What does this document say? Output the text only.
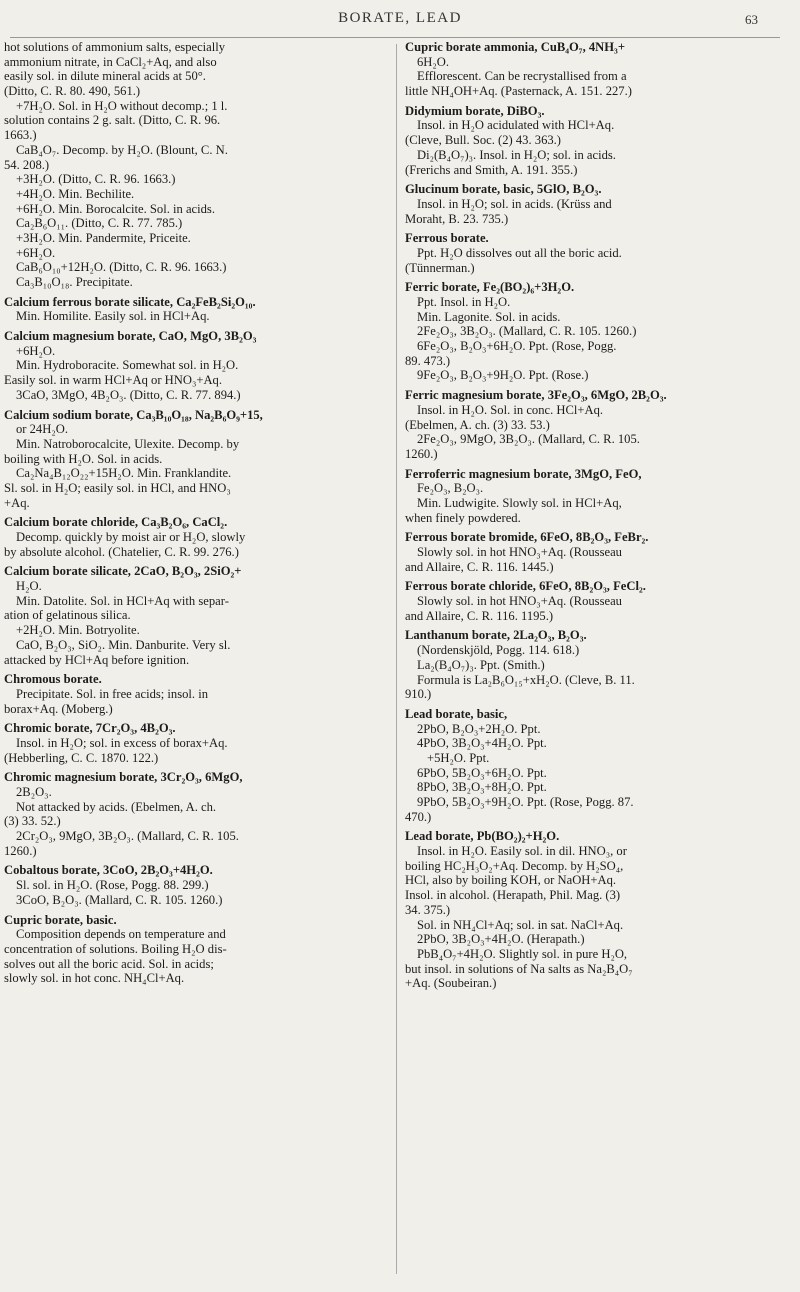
BORATE, LEAD	63
hot solutions of ammonium salts, especially
ammonium nitrate, in CaCl₂+Aq, and also
easily sol. in dilute mineral acids at 50°.
(Ditto, C. R. 80. 490, 561.)
+7H₂O. Sol. in H₂O without decomp.; 1 l.
solution contains 2 g. salt. (Ditto, C. R. 96.
1663.)
CaB₄O₇. Decomp. by H₂O. (Blount, C. N.
54. 208.)
+3H₂O. (Ditto, C. R. 96. 1663.)
+4H₂O. Min. Bechilite.
+6H₂O. Min. Borocalcite. Sol. in acids.
Ca₂B₆O₁₁. (Ditto, C. R. 77. 785.)
+3H₂O. Min. Pandermite, Priceite.
+6H₂O.
CaB₆O₁₀+12H₂O. (Ditto, C. R. 96. 1663.)
Ca₃B₁₀O₁₈. Precipitate.
Calcium ferrous borate silicate, Ca₂FeB₂Si₂O₁₀.
Min. Homilite. Easily sol. in HCl+Aq.
Calcium magnesium borate, CaO, MgO, 3B₂O₃
+6H₂O.
Min. Hydroboracite. Somewhat sol. in H₂O.
Easily sol. in warm HCl+Aq or HNO₃+Aq.
3CaO, 3MgO, 4B₂O₃. (Ditto, C. R. 77. 894.)
Calcium sodium borate, Ca₃B₁₀O₁₈, Na₂B₆O₉+15,
or 24H₂O.
Min. Natroborocalcite, Ulexite. Decomp. by
boiling with H₂O. Sol. in acids.
Ca₂Na₄B₁₂O₂₂+15H₂O. Min. Franklandite.
Sl. sol. in H₂O; easily sol. in HCl, and HNO₃
+Aq.
Calcium borate chloride, Ca₃B₂O₆, CaCl₂.
Decomp. quickly by moist air or H₂O, slowly
by absolute alcohol. (Chatelier, C. R. 99. 276.)
Calcium borate silicate, 2CaO, B₂O₃, 2SiO₂+
H₂O.
Min. Datolite. Sol. in HCl+Aq with separ-
ation of gelatinous silica.
+2H₂O. Min. Botryolite.
CaO, B₂O₃, SiO₂. Min. Danburite. Very sl.
attacked by HCl+Aq before ignition.
Chromous borate.
Precipitate. Sol. in free acids; insol. in
borax+Aq. (Moberg.)
Chromic borate, 7Cr₂O₃, 4B₂O₃.
Insol. in H₂O; sol. in excess of borax+Aq.
(Hebberling, C. C. 1870. 122.)
Chromic magnesium borate, 3Cr₂O₃, 6MgO,
2B₂O₃.
Not attacked by acids. (Ebelmen, A. ch.
(3) 33. 52.)
2Cr₂O₃, 9MgO, 3B₂O₃. (Mallard, C. R. 105.
1260.)
Cobaltous borate, 3CoO, 2B₂O₃+4H₂O.
Sl. sol. in H₂O. (Rose, Pogg. 88. 299.)
3CoO, B₂O₃. (Mallard, C. R. 105. 1260.)
Cupric borate, basic.
Composition depends on temperature and
concentration of solutions. Boiling H₂O dis-
solves out all the boric acid. Sol. in acids;
slowly sol. in hot conc. NH₄Cl+Aq.
Cupric borate ammonia, CuB₄O₇, 4NH₃+
6H₂O.
Efflorescent. Can be recrystallised from a
little NH₄OH+Aq. (Pasternack, A. 151. 227.)
Didymium borate, DiBO₃.
Insol. in H₂O acidulated with HCl+Aq.
(Cleve, Bull. Soc. (2) 43. 363.)
Di₂(B₄O₇)₃. Insol. in H₂O; sol. in acids.
(Frerichs and Smith, A. 191. 355.)
Glucinum borate, basic, 5GlO, B₂O₃.
Insol. in H₂O; sol. in acids. (Krüss and
Moraht, B. 23. 735.)
Ferrous borate.
Ppt. H₂O dissolves out all the boric acid.
(Tünnerman.)
Ferric borate, Fe₂(BO₂)₆+3H₂O.
Ppt. Insol. in H₂O.
Min. Lagonite. Sol. in acids.
2Fe₂O₃, 3B₂O₃. (Mallard, C. R. 105. 1260.)
6Fe₂O₃, B₂O₃+6H₂O. Ppt. (Rose, Pogg.
89. 473.)
9Fe₂O₃, B₂O₃+9H₂O. Ppt. (Rose.)
Ferric magnesium borate, 3Fe₂O₃, 6MgO, 2B₂O₃.
Insol. in H₂O. Sol. in conc. HCl+Aq.
(Ebelmen, A. ch. (3) 33. 53.)
2Fe₂O₃, 9MgO, 3B₂O₃. (Mallard, C. R. 105.
1260.)
Ferroferric magnesium borate, 3MgO, FeO,
Fe₂O₃, B₂O₃.
Min. Ludwigite. Slowly sol. in HCl+Aq,
when finely powdered.
Ferrous borate bromide, 6FeO, 8B₂O₃, FeBr₂.
Slowly sol. in hot HNO₃+Aq. (Rousseau
and Allaire, C. R. 116. 1445.)
Ferrous borate chloride, 6FeO, 8B₂O₃, FeCl₂.
Slowly sol. in hot HNO₃+Aq. (Rousseau
and Allaire, C. R. 116. 1195.)
Lanthanum borate, 2La₂O₃, B₂O₃.
(Nordenskjöld, Pogg. 114. 618.)
La₂(B₄O₇)₃. Ppt. (Smith.)
Formula is La₂B₆O₁₅+xH₂O. (Cleve, B. 11.
910.)
Lead borate, basic,
2PbO, B₂O₃+2H₂O. Ppt.
4PbO, 3B₂O₃+4H₂O. Ppt.
+5H₂O. Ppt.
6PbO, 5B₂O₃+6H₂O. Ppt.
8PbO, 3B₂O₃+8H₂O. Ppt.
9PbO, 5B₂O₃+9H₂O. Ppt. (Rose, Pogg. 87.
470.)
Lead borate, Pb(BO₂)₂+H₂O.
Insol. in H₂O. Easily sol. in dil. HNO₃, or
boiling HC₂H₃O₂+Aq. Decomp. by H₂SO₄,
HCl, also by boiling KOH, or NaOH+Aq.
Insol. in alcohol. (Herapath, Phil. Mag. (3)
34. 375.)
Sol. in NH₄Cl+Aq; sol. in sat. NaCl+Aq.
2PbO, 3B₂O₃+4H₂O. (Herapath.)
PbB₄O₇+4H₂O. Slightly sol. in pure H₂O,
but insol. in solutions of Na salts as Na₂B₄O₇
+Aq. (Soubeiran.)
